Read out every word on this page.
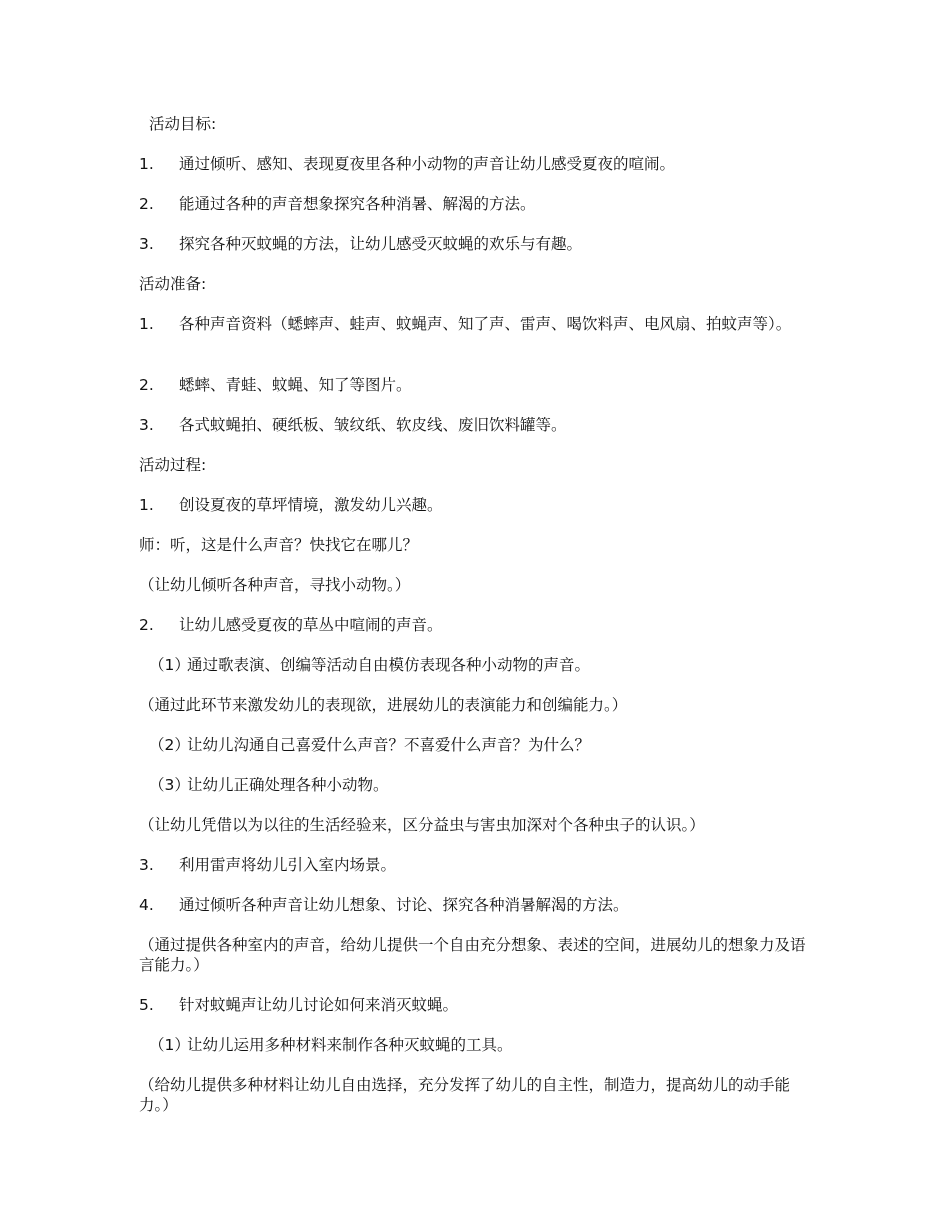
活动目标:
1. 通过倾听、感知、表现夏夜里各种小动物的声音让幼儿感受夏夜的喧闹。
2. 能通过各种的声音想象探究各种消暑、解渴的方法。
3. 探究各种灭蚊蝇的方法，让幼儿感受灭蚊蝇的欢乐与有趣。
活动准备:
1. 各种声音资料（蟋蟀声、蛙声、蚊蝇声、知了声、雷声、喝饮料声、电风扇、拍蚊声等）。
2. 蟋蟀、青蛙、蚊蝇、知了等图片。
3. 各式蚊蝇拍、硬纸板、皱纹纸、软皮线、废旧饮料罐等。
活动过程:
1. 创设夏夜的草坪情境，激发幼儿兴趣。
师：听，这是什么声音？快找它在哪儿？
（让幼儿倾听各种声音，寻找小动物。）
2. 让幼儿感受夏夜的草丛中喧闹的声音。
（1）
通过歌表演、创编等活动自由模仿表现各种小动物的声音。
（通过此环节来激发幼儿的表现欲，进展幼儿的表演能力和创编能力。）
（2）
让幼儿沟通自己喜爱什么声音？不喜爱什么声音？为什么？
（3）
让幼儿正确处理各种小动物。
（让幼儿凭借以为以往的生活经验来，区分益虫与害虫加深对个各种虫子的认识。）
3. 利用雷声将幼儿引入室内场景。
4. 通过倾听各种声音让幼儿想象、讨论、探究各种消暑解渴的方法。
（通过提供各种室内的声音，给幼儿提供一个自由充分想象、表述的空间，进展幼儿的想象力及语言能力。）
5. 针对蚊蝇声让幼儿讨论如何来消灭蚊蝇。
（1）
让幼儿运用多种材料来制作各种灭蚊蝇的工具。
（给幼儿提供多种材料让幼儿自由选择，充分发挥了幼儿的自主性，制造力，提高幼儿的动手能力。）
